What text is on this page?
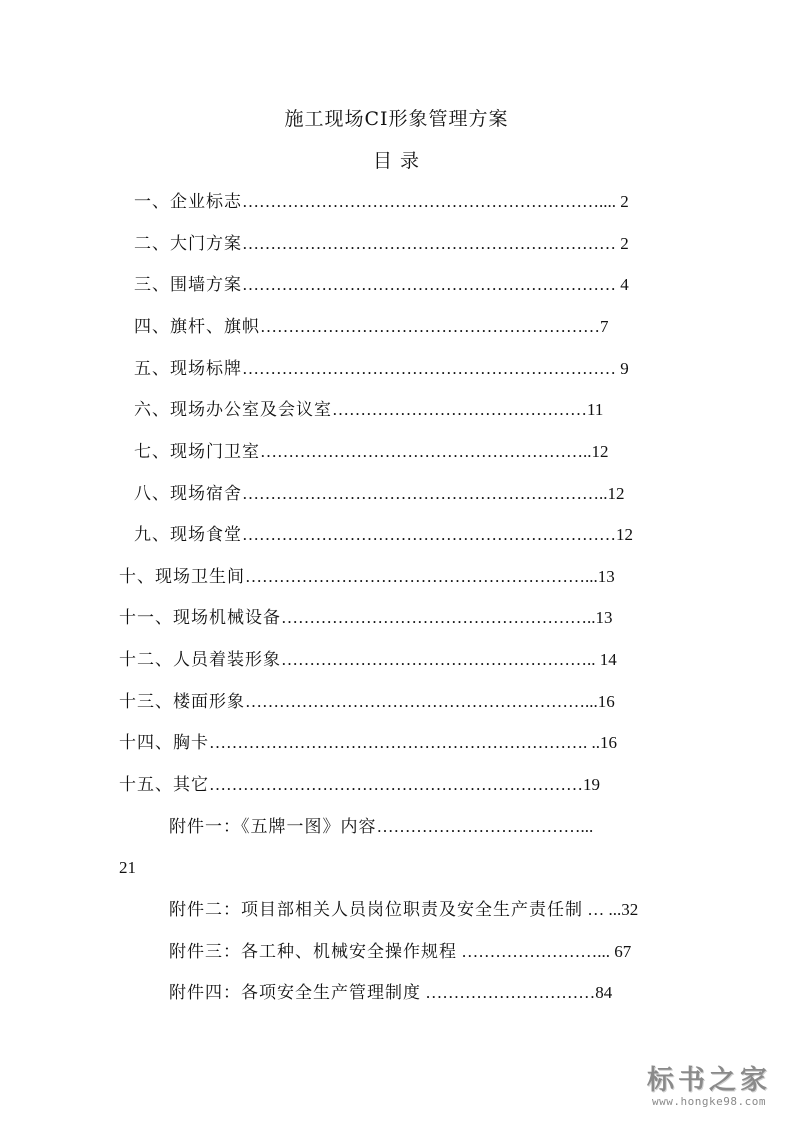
施工现场CI形象管理方案
目 录
一、企业标志……………………………………………………….... 2
二、大门方案………………………………………………………… 2
三、围墙方案………………………………………………………… 4
四、旗杆、旗帜……………………………………………………7
五、现场标牌………………………………………………………… 9
六、现场办公室及会议室………………………………………11
七、现场门卫室…………………………………………………..12
八、现场宿舍………………………………………………………..12
九、现场食堂…………………………………………………………12
十、现场卫生间……………………………………………………...13
十一、现场机械设备………………………………………………..13
十二、人员着装形象……………………………………………….. 14
十三、楼面形象……………………………………………………...16
十四、胸卡…………………………………………………………. ..16
十五、其它…………………………………………………………19
附件一：《五牌一图》内容………………………………...
21
附件二：项目部相关人员岗位职责及安全生产责任制 … ...32
附件三：各工种、机械安全操作规程 ……………………... 67
附件四：各项安全生产管理制度 …………………………84
标书之家
www.hongke98.com
